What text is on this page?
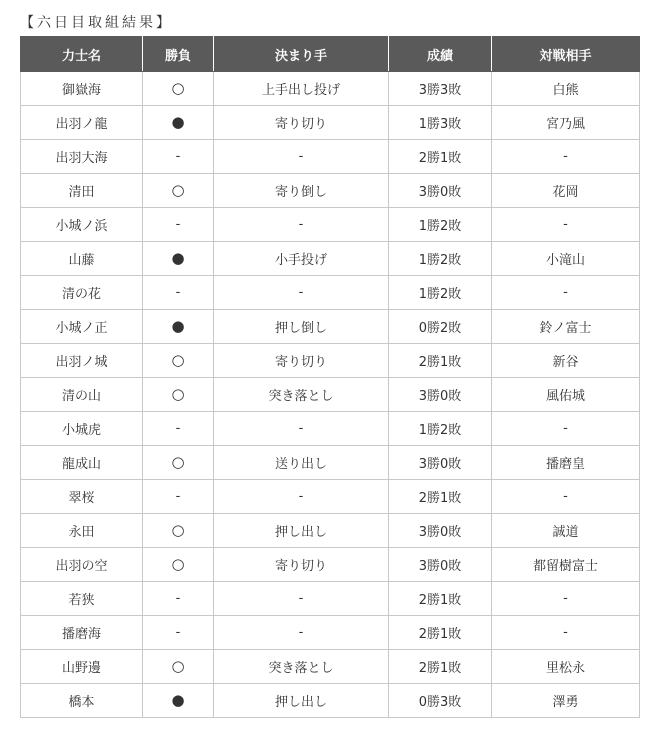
【六日目取組結果】
力士名	勝負	決まり手	成績	対戦相手
御嶽海	○	上手出し投げ	3勝3敗	白熊
出羽ノ龍	●	寄り切り	1勝3敗	宮乃風
出羽大海	-	-	2勝1敗	-
清田	○	寄り倒し	3勝0敗	花岡
小城ノ浜	-	-	1勝2敗	-
山藤	●	小手投げ	1勝2敗	小滝山
清の花	-	-	1勝2敗	-
小城ノ正	●	押し倒し	0勝2敗	鈴ノ富士
出羽ノ城	○	寄り切り	2勝1敗	新谷
清の山	○	突き落とし	3勝0敗	風佑城
小城虎	-	-	1勝2敗	-
龍成山	○	送り出し	3勝0敗	播磨皇
翠桜	-	-	2勝1敗	-
永田	○	押し出し	3勝0敗	誠道
出羽の空	○	寄り切り	3勝0敗	都留樹富士
若狭	-	-	2勝1敗	-
播磨海	-	-	2勝1敗	-
山野邊	○	突き落とし	2勝1敗	里松永
橋本	●	押し出し	0勝3敗	澤勇
